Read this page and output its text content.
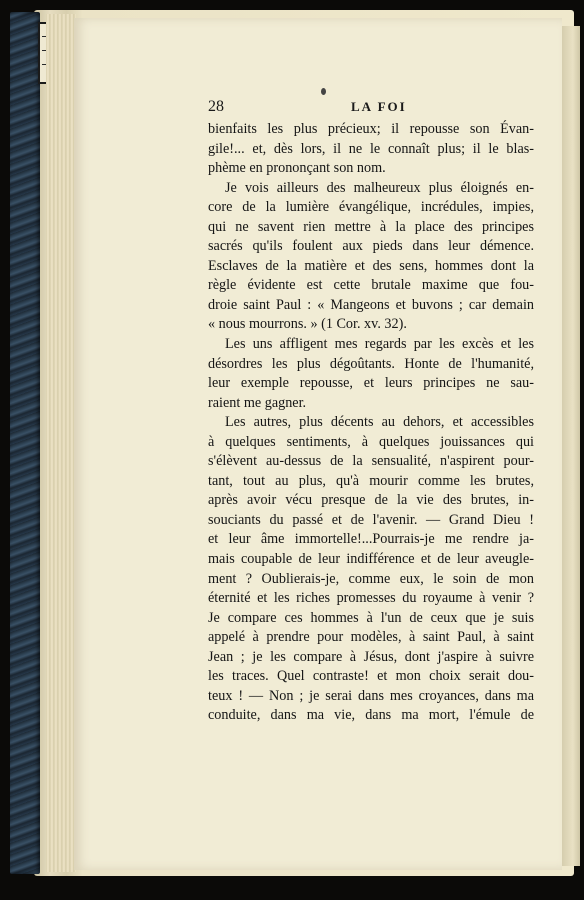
28	LA FOI
bienfaits les plus précieux; il repousse son Évan-
gile!... et, dès lors, il ne le connaît plus; il le blas-
phème en prononçant son nom.
Je vois ailleurs des malheureux plus éloignés en-
core de la lumière évangélique, incrédules, impies,
qui ne savent rien mettre à la place des principes
sacrés qu'ils foulent aux pieds dans leur démence.
Esclaves de la matière et des sens, hommes dont la
règle évidente est cette brutale maxime que fou-
droie saint Paul : « Mangeons et buvons ; car demain
« nous mourrons. » (1 Cor. xv. 32).
Les uns affligent mes regards par les excès et les
désordres les plus dégoûtants. Honte de l'humanité,
leur exemple repousse, et leurs principes ne sau-
raient me gagner.
Les autres, plus décents au dehors, et accessibles
à quelques sentiments, à quelques jouissances qui
s'élèvent au-dessus de la sensualité, n'aspirent pour-
tant, tout au plus, qu'à mourir comme les brutes,
après avoir vécu presque de la vie des brutes, in-
souciants du passé et de l'avenir. — Grand Dieu !
et leur âme immortelle!...Pourrais-je me rendre ja-
mais coupable de leur indifférence et de leur aveugle-
ment ? Oublierais-je, comme eux, le soin de mon
éternité et les riches promesses du royaume à venir ?
Je compare ces hommes à l'un de ceux que je suis
appelé à prendre pour modèles, à saint Paul, à saint
Jean ; je les compare à Jésus, dont j'aspire à suivre
les traces. Quel contraste! et mon choix serait dou-
teux ! — Non ; je serai dans mes croyances, dans ma
conduite, dans ma vie, dans ma mort, l'émule de
